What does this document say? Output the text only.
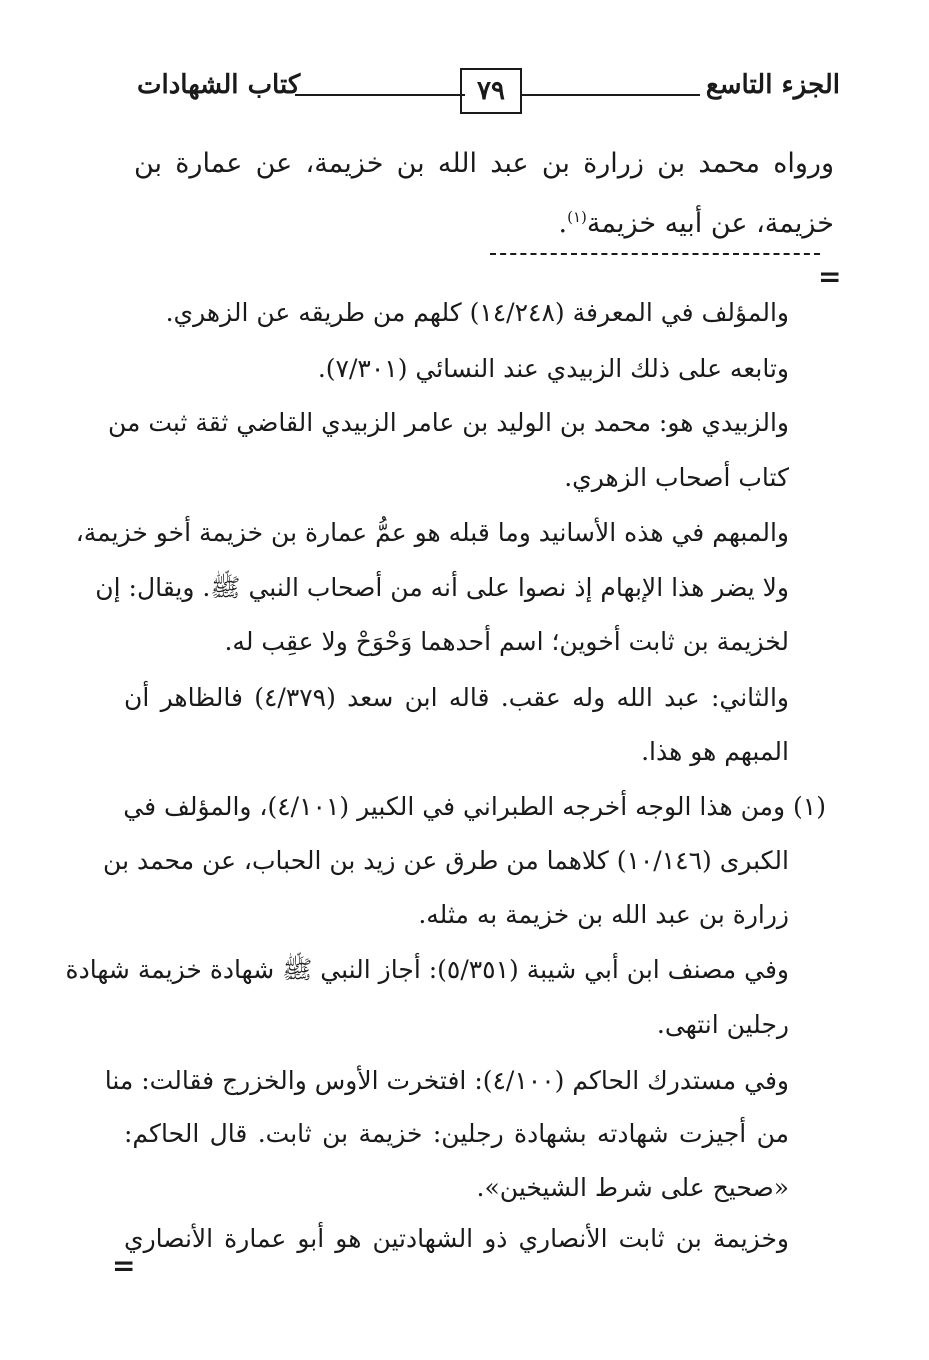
الجزء التاسع
٧٩
كتاب الشهادات
ورواه محمد بن زرارة بن عبد الله بن خزيمة، عن عمارة بن
خزيمة، عن أبيه خزيمة$^{(١)}$.
=
والمؤلف في المعرفة (١٤/٢٤٨) كلهم من طريقه عن الزهري.
وتابعه على ذلك الزبيدي عند النسائي (٧/٣٠١).
والزبيدي هو: محمد بن الوليد بن عامر الزبيدي القاضي ثقة ثبت من
كتاب أصحاب الزهري.
والمبهم في هذه الأسانيد وما قبله هو عمُّ عمارة بن خزيمة أخو خزيمة،
ولا يضر هذا الإبهام إذ نصوا على أنه من أصحاب النبي ﷺ. ويقال: إن
لخزيمة بن ثابت أخوين؛ اسم أحدهما وَحْوَحْ ولا عقِب له.
والثاني: عبد الله وله عقب. قاله ابن سعد (٤/٣٧٩) فالظاهر أن
المبهم هو هذا.
(١) ومن هذا الوجه أخرجه الطبراني في الكبير (٤/١٠١)، والمؤلف في
الكبرى (١٠/١٤٦) كلاهما من طرق عن زيد بن الحباب، عن محمد بن
زرارة بن عبد الله بن خزيمة به مثله.
وفي مصنف ابن أبي شيبة (٥/٣٥١): أجاز النبي ﷺ شهادة خزيمة شهادة
رجلين انتهى.
وفي مستدرك الحاكم (٤/١٠٠): افتخرت الأوس والخزرج فقالت: منا
من أجيزت شهادته بشهادة رجلين: خزيمة بن ثابت. قال الحاكم:
«صحيح على شرط الشيخين».
وخزيمة بن ثابت الأنصاري ذو الشهادتين هو أبو عمارة الأنصاري
=
